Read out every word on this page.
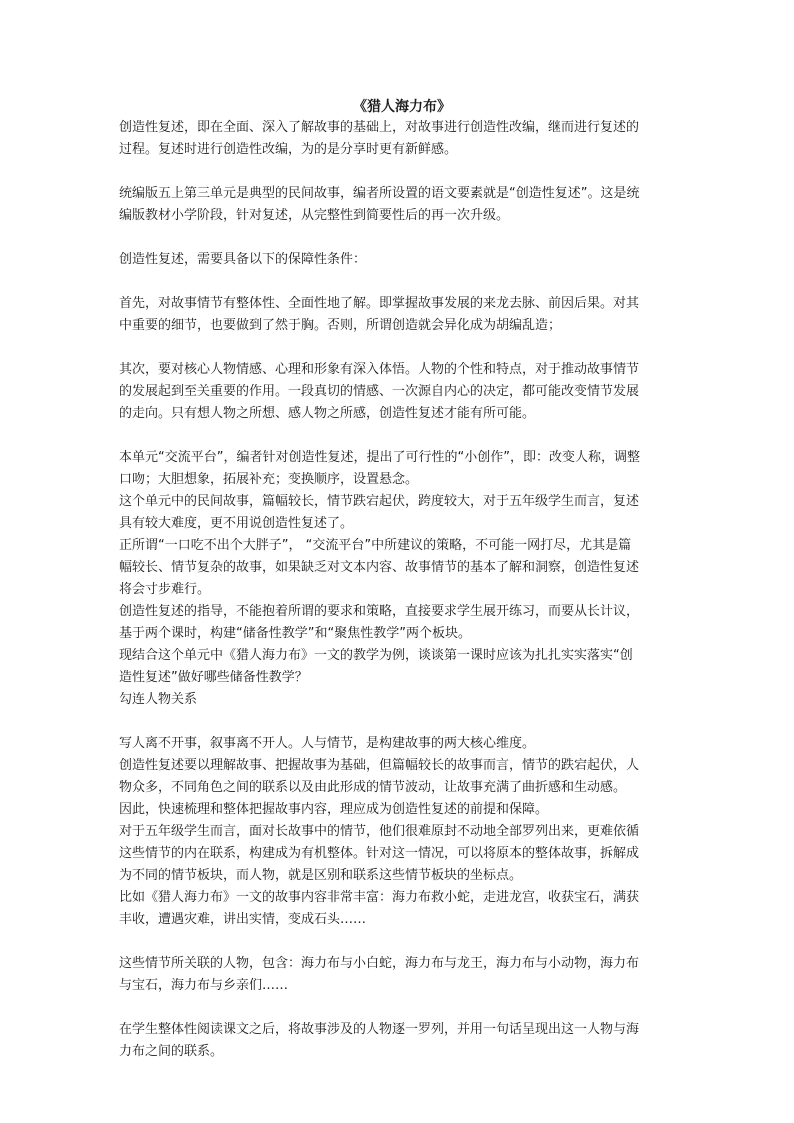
《猎人海力布》
创造性复述，即在全面、深入了解故事的基础上，对故事进行创造性改编，继而进行复述的
过程。复述时进行创造性改编，为的是分享时更有新鲜感。
统编版五上第三单元是典型的民间故事，编者所设置的语文要素就是“创造性复述”。这是统
编版教材小学阶段，针对复述，从完整性到简要性后的再一次升级。
创造性复述，需要具备以下的保障性条件：
首先，对故事情节有整体性、全面性地了解。即掌握故事发展的来龙去脉、前因后果。对其
中重要的细节，也要做到了然于胸。否则，所谓创造就会异化成为胡编乱造；
其次，要对核心人物情感、心理和形象有深入体悟。人物的个性和特点，对于推动故事情节
的发展起到至关重要的作用。一段真切的情感、一次源自内心的决定，都可能改变情节发展
的走向。只有想人物之所想、感人物之所感，创造性复述才能有所可能。
本单元“交流平台”，编者针对创造性复述，提出了可行性的“小创作”，即：改变人称，调整
口吻；大胆想象，拓展补充；变换顺序，设置悬念。
这个单元中的民间故事，篇幅较长，情节跌宕起伏，跨度较大，对于五年级学生而言，复述
具有较大难度，更不用说创造性复述了。
正所谓“一口吃不出个大胖子”， “交流平台”中所建议的策略，不可能一网打尽，尤其是篇
幅较长、情节复杂的故事，如果缺乏对文本内容、故事情节的基本了解和洞察，创造性复述
将会寸步难行。
创造性复述的指导，不能抱着所谓的要求和策略，直接要求学生展开练习，而要从长计议，
基于两个课时，构建“储备性教学”和“聚焦性教学”两个板块。
现结合这个单元中《猎人海力布》一文的教学为例，谈谈第一课时应该为扎扎实实落实“创
造性复述”做好哪些储备性教学？
勾连人物关系
写人离不开事，叙事离不开人。人与情节，是构建故事的两大核心维度。
创造性复述要以理解故事、把握故事为基础，但篇幅较长的故事而言，情节的跌宕起伏，人
物众多，不同角色之间的联系以及由此形成的情节波动，让故事充满了曲折感和生动感。
因此，快速梳理和整体把握故事内容，理应成为创造性复述的前提和保障。
对于五年级学生而言，面对长故事中的情节，他们很难原封不动地全部罗列出来，更难依循
这些情节的内在联系，构建成为有机整体。针对这一情况，可以将原本的整体故事，拆解成
为不同的情节板块，而人物，就是区别和联系这些情节板块的坐标点。
比如《猎人海力布》一文的故事内容非常丰富：海力布救小蛇，走进龙宫，收获宝石，满获
丰收，遭遇灾难，讲出实情，变成石头……
这些情节所关联的人物，包含：海力布与小白蛇，海力布与龙王，海力布与小动物，海力布
与宝石，海力布与乡亲们……
在学生整体性阅读课文之后，将故事涉及的人物逐一罗列，并用一句话呈现出这一人物与海
力布之间的联系。
